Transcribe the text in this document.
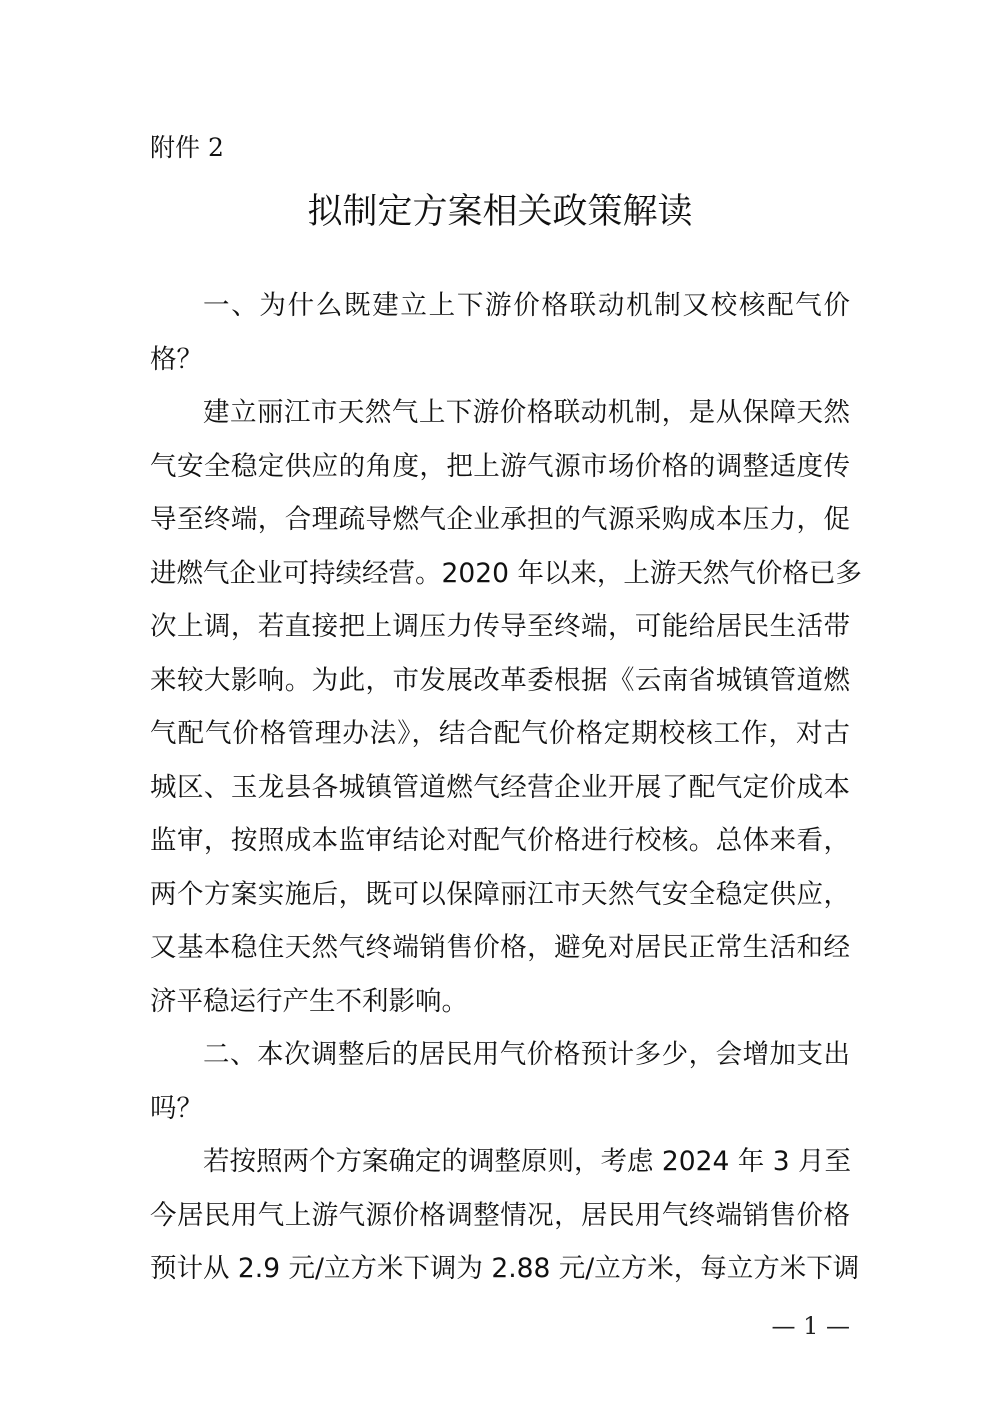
附件 2
拟制定方案相关政策解读
一、为什么既建立上下游价格联动机制又校核配气价
格？
建立丽江市天然气上下游价格联动机制，是从保障天然
气安全稳定供应的角度，把上游气源市场价格的调整适度传
导至终端，合理疏导燃气企业承担的气源采购成本压力，促
进燃气企业可持续经营。2020 年以来，上游天然气价格已多
次上调，若直接把上调压力传导至终端，可能给居民生活带
来较大影响。为此，市发展改革委根据《云南省城镇管道燃
气配气价格管理办法》，结合配气价格定期校核工作，对古
城区、玉龙县各城镇管道燃气经营企业开展了配气定价成本
监审，按照成本监审结论对配气价格进行校核。总体来看，
两个方案实施后，既可以保障丽江市天然气安全稳定供应，
又基本稳住天然气终端销售价格，避免对居民正常生活和经
济平稳运行产生不利影响。
二、本次调整后的居民用气价格预计多少，会增加支出
吗？
若按照两个方案确定的调整原则，考虑 2024 年 3 月至
今居民用气上游气源价格调整情况，居民用气终端销售价格
预计从 2.9 元/立方米下调为 2.88 元/立方米，每立方米下调
— 1 —
